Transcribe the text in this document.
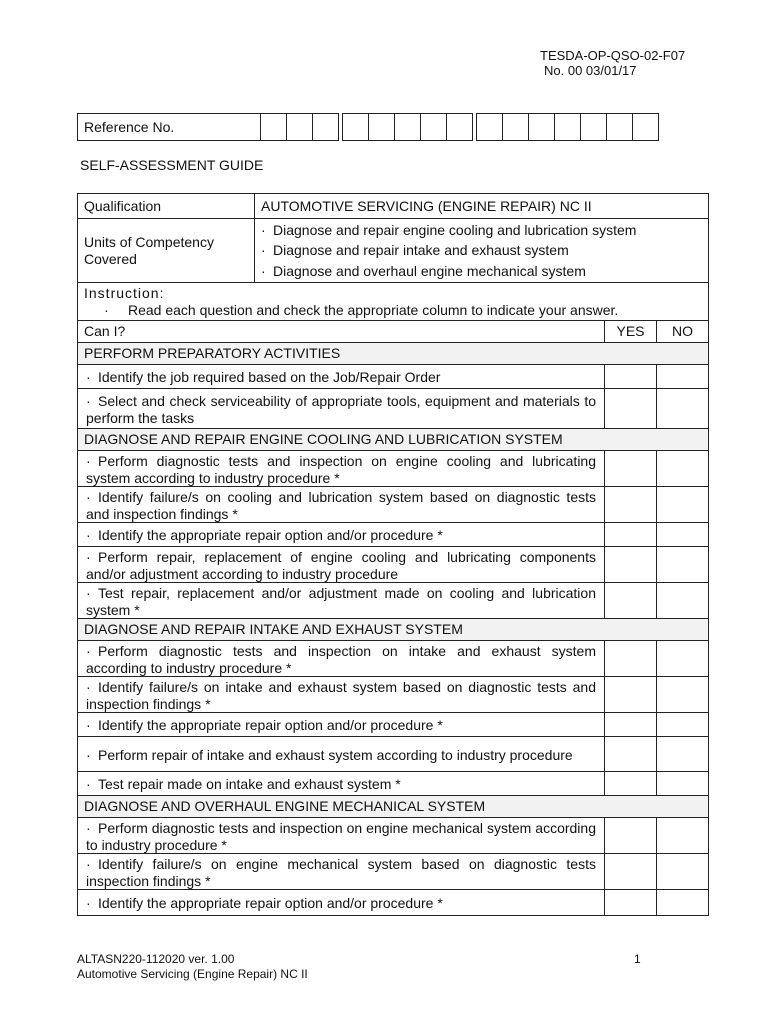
TESDA-OP-QSO-02-F07
No. 00 03/01/17
Reference No.																	
SELF-ASSESSMENT GUIDE
Qualification	AUTOMOTIVE SERVICING (ENGINE REPAIR) NC II		
Units of Competency Covered	· Diagnose and repair engine cooling and lubrication system
· Diagnose and repair intake and exhaust system
· Diagnose and overhaul engine mechanical system		

Instruction:
· Read each question and check the appropriate column to indicate your answer.			

Can I?		YES	NO
PERFORM PREPARATORY ACTIVITIES			
· Identify the job required based on the Job/Repair Order			
· Select and check serviceability of appropriate tools, equipment and materials to perform the tasks			
DIAGNOSE AND REPAIR ENGINE COOLING AND LUBRICATION SYSTEM			
· Perform diagnostic tests and inspection on engine cooling and lubricating system according to industry procedure *			
· Identify failure/s on cooling and lubrication system based on diagnostic tests and inspection findings *			
· Identify the appropriate repair option and/or procedure *			
· Perform repair, replacement of engine cooling and lubricating components and/or adjustment according to industry procedure			
· Test repair, replacement and/or adjustment made on cooling and lubrication system *			
DIAGNOSE AND REPAIR INTAKE AND EXHAUST SYSTEM			
· Perform diagnostic tests and inspection on intake and exhaust system according to industry procedure *			
· Identify failure/s on intake and exhaust system based on diagnostic tests and inspection findings *			
· Identify the appropriate repair option and/or procedure *			
· Perform repair of intake and exhaust system according to industry procedure			
· Test repair made on intake and exhaust system *			
DIAGNOSE AND OVERHAUL ENGINE MECHANICAL SYSTEM			
· Perform diagnostic tests and inspection on engine mechanical system according to industry procedure *			
· Identify failure/s on engine mechanical system based on diagnostic tests inspection findings *			
· Identify the appropriate repair option and/or procedure *			
ALTASN220-112020 ver. 1.00
Automotive Servicing (Engine Repair) NC II
1
